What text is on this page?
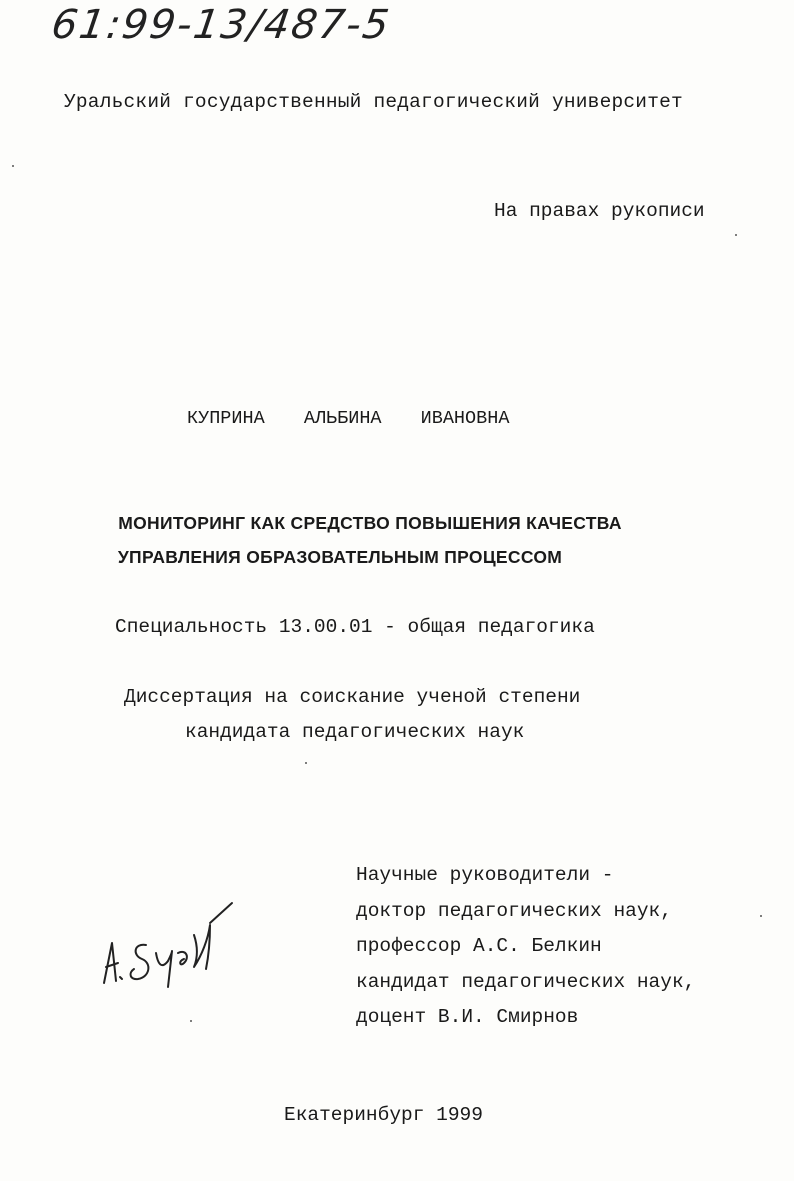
61:99-13/487-5
Уральский государственный педагогический университет
На правах рукописи
КУПРИНА АЛЬБИНА ИВАНОВНА
МОНИТОРИНГ КАК СРЕДСТВО ПОВЫШЕНИЯ КАЧЕСТВА
УПРАВЛЕНИЯ ОБРАЗОВАТЕЛЬНЫМ ПРОЦЕССОМ
Специальность 13.00.01 - общая педагогика
Диссертация на соискание ученой степени
кандидата педагогических наук
Научные руководители -
доктор педагогических наук,
профессор А.С. Белкин
кандидат педагогических наук,
доцент В.И. Смирнов
Екатеринбург 1999
